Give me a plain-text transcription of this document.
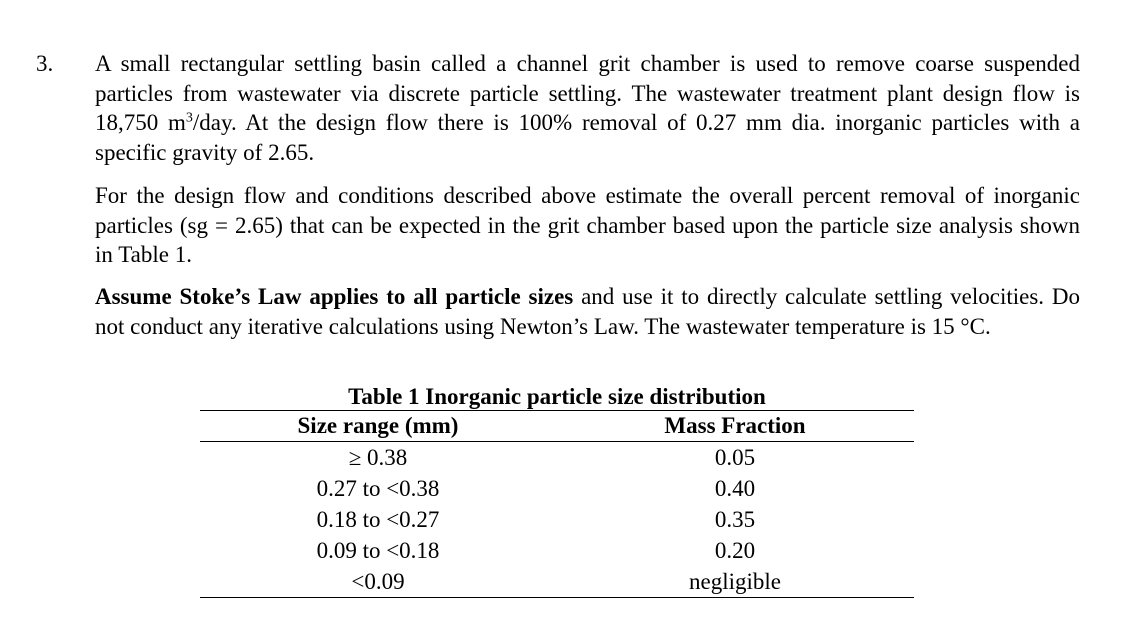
3. A small rectangular settling basin called a channel grit chamber is used to remove coarse suspended particles from wastewater via discrete particle settling. The wastewater treatment plant design flow is 18,750 $m^3$/day. At the design flow there is 100% removal of 0.27 mm dia. inorganic particles with a specific gravity of 2.65.

For the design flow and conditions described above estimate the overall percent removal of inorganic particles (sg = 2.65) that can be expected in the grit chamber based upon the particle size analysis shown in Table 1.

Assume Stoke’s Law applies to all particle sizes and use it to directly calculate settling velocities. Do not conduct any iterative calculations using Newton’s Law. The wastewater temperature is 15 °C.

Table 1 Inorganic particle size distribution

Size range (mm)	Mass Fraction
≥ 0.38	0.05
0.27 to <0.38	0.40
0.18 to <0.27	0.35
0.09 to <0.18	0.20
<0.09	negligible
